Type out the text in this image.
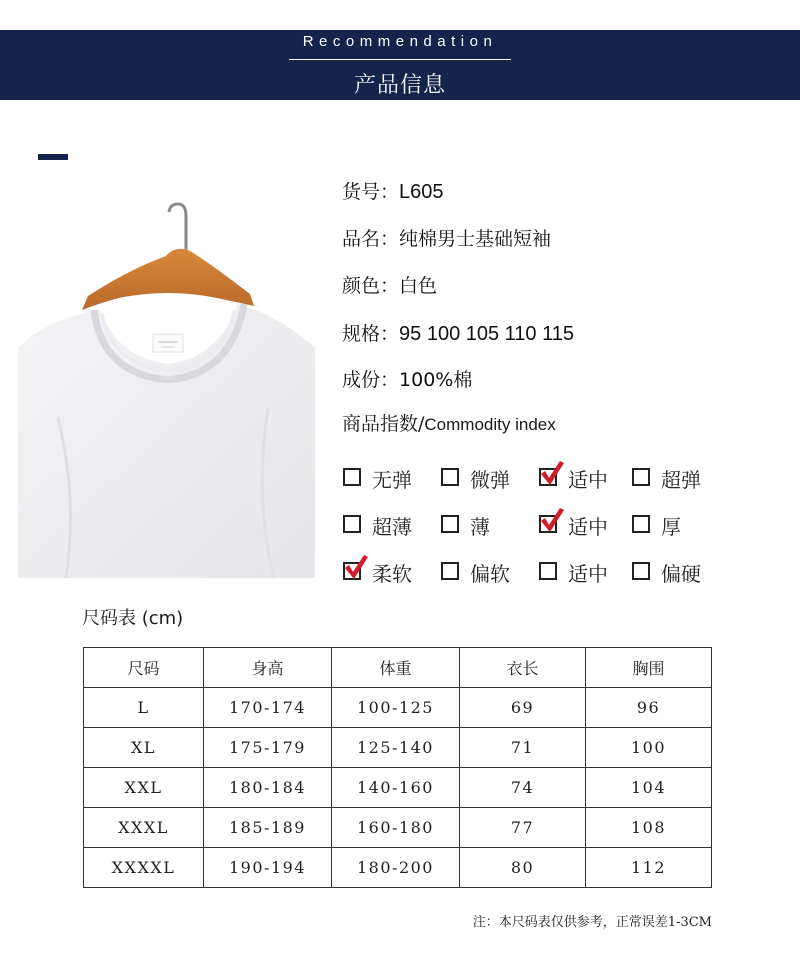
Recommendation
产品信息
货号：L605
品名：纯棉男士基础短袖
颜色：白色
规格：95 100 105 110 115
成份：100%棉
商品指数/Commodity index
无弹	微弹	适中	超弹
超薄	薄	适中	厚
柔软	偏软	适中	偏硬
尺码表 (cm)
尺码	身高	体重	衣长	胸围
L	170-174	100-125	69	96
XL	175-179	125-140	71	100
XXL	180-184	140-160	74	104
XXXL	185-189	160-180	77	108
XXXXL	190-194	180-200	80	112
注：本尺码表仅供参考，正常误差1-3CM
